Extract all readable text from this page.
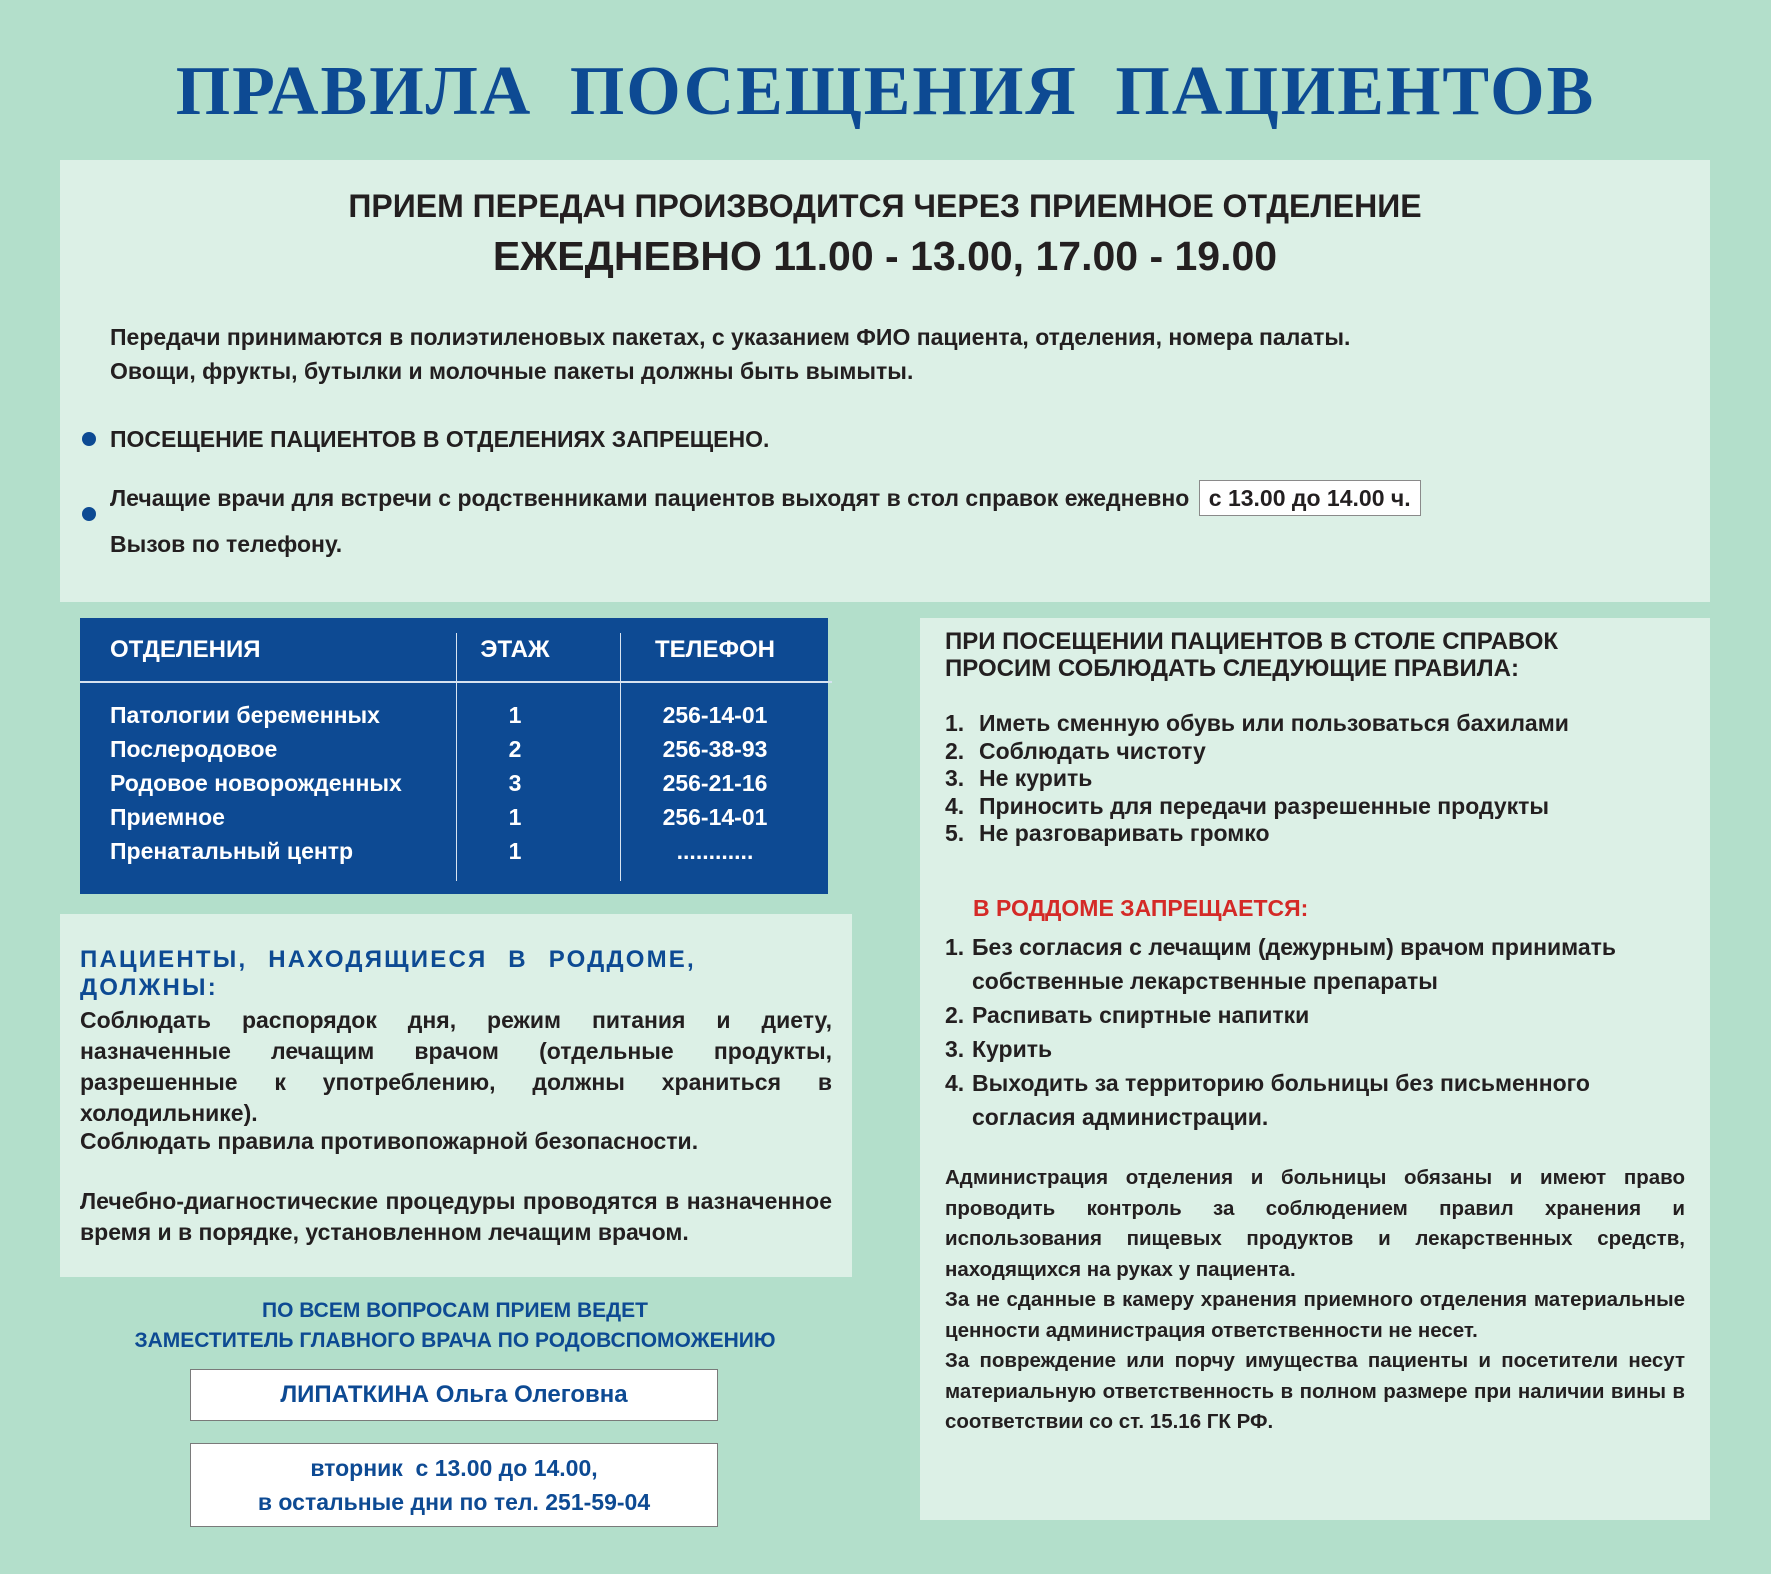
ПРАВИЛА ПОСЕЩЕНИЯ ПАЦИЕНТОВ
ПРИЕМ ПЕРЕДАЧ ПРОИЗВОДИТСЯ ЧЕРЕЗ ПРИЕМНОЕ ОТДЕЛЕНИЕ
ЕЖЕДНЕВНО 11.00 - 13.00, 17.00 - 19.00

Передачи принимаются в полиэтиленовых пакетах, с указанием ФИО пациента, отделения, номера палаты.

Овощи, фрукты, бутылки и молочные пакеты должны быть вымыты.

ПОСЕЩЕНИЕ ПАЦИЕНТОВ В ОТДЕЛЕНИЯХ ЗАПРЕЩЕНО.

Лечащие врачи для встречи с родственниками пациентов выходят в стол справок ежедневно с 13.00 до 14.00 ч.

Вызов по телефону.

ОТДЕЛЕНИЯ	ЭТАЖ	ТЕЛЕФОН
Патологии беременных	1	256-14-01
Послеродовое	2	256-38-93
Родовое новорожденных	3	256-21-16
Приемное	1	256-14-01
Пренатальный центр	1	............
ПАЦИЕНТЫ, НАХОДЯЩИЕСЯ В РОДДОМЕ, ДОЛЖНЫ:

Соблюдать распорядок дня, режим питания и диету, назначенные лечащим врачом (отдельные продукты, разрешенные к употреблению, должны храниться в холодильнике).

Соблюдать правила противопожарной безопасности.

Лечебно-диагностические процедуры проводятся в назначенное время и в порядке, установленном лечащим врачом.

ПО ВСЕМ ВОПРОСАМ ПРИЕМ ВЕДЕТ
ЗАМЕСТИТЕЛЬ ГЛАВНОГО ВРАЧА ПО РОДОВСПОМОЖЕНИЮ
ЛИПАТКИНА Ольга Олеговна
вторник  с 13.00 до 14.00,
в остальные дни по тел. 251-59-04

ПРИ ПОСЕЩЕНИИ ПАЦИЕНТОВ В СТОЛЕ СПРАВОК
ПРОСИМ СОБЛЮДАТЬ СЛЕДУЮЩИЕ ПРАВИЛА:

1. Иметь сменную обувь или пользоваться бахилами
2. Соблюдать чистоту
3. Не курить
4. Приносить для передачи разрешенные продукты
5. Не разговаривать громко
В РОДДОМЕ ЗАПРЕЩАЕТСЯ:
1. Без согласия с лечащим (дежурным) врачом принимать собственные лекарственные препараты
2. Распивать спиртные напитки
3. Курить
4. Выходить за территорию больницы без письменного согласия администрации.
Администрация отделения и больницы обязаны и имеют право проводить контроль за соблюдением правил хранения и использования пищевых продуктов и лекарственных средств, находящихся на руках у пациента.
За не сданные в камеру хранения приемного отделения материальные ценности администрация ответственности не несет.
За повреждение или порчу имущества пациенты и посетители несут материальную ответственность в полном размере при наличии вины в соответствии со ст. 15.16 ГК РФ.
